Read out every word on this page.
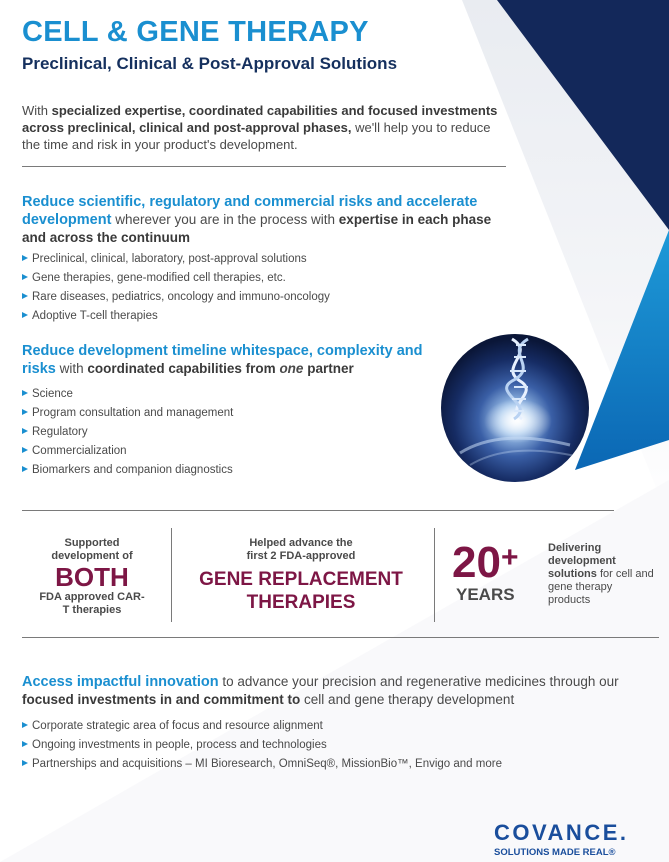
CELL & GENE THERAPY
Preclinical, Clinical & Post-Approval Solutions

With specialized expertise, coordinated capabilities and focused investments across preclinical, clinical and post-approval phases, we'll help you to reduce the time and risk in your product's development.

Reduce scientific, regulatory and commercial risks and accelerate development wherever you are in the process with expertise in each phase and across the continuum

Preclinical, clinical, laboratory, post-approval solutions
Gene therapies, gene-modified cell therapies, etc.
Rare diseases, pediatrics, oncology and immuno-oncology
Adoptive T-cell therapies

Reduce development timeline whitespace, complexity and risks with coordinated capabilities from one partner

Science
Program consultation and management
Regulatory
Commercialization
Biomarkers and companion diagnostics
Supported development of
BOTH
FDA approved CAR-T therapies
Helped advance the first 2 FDA-approved
GENE REPLACEMENT THERAPIES
20+
YEARS

Delivering development solutions for cell and gene therapy products

Access impactful innovation to advance your precision and regenerative medicines through our focused investments in and commitment to cell and gene therapy development

Corporate strategic area of focus and resource alignment
Ongoing investments in people, process and technologies
Partnerships and acquisitions – MI Bioresearch, OmniSeq®, MissionBio™, Envigo and more
COVANCE.
SOLUTIONS MADE REAL®
